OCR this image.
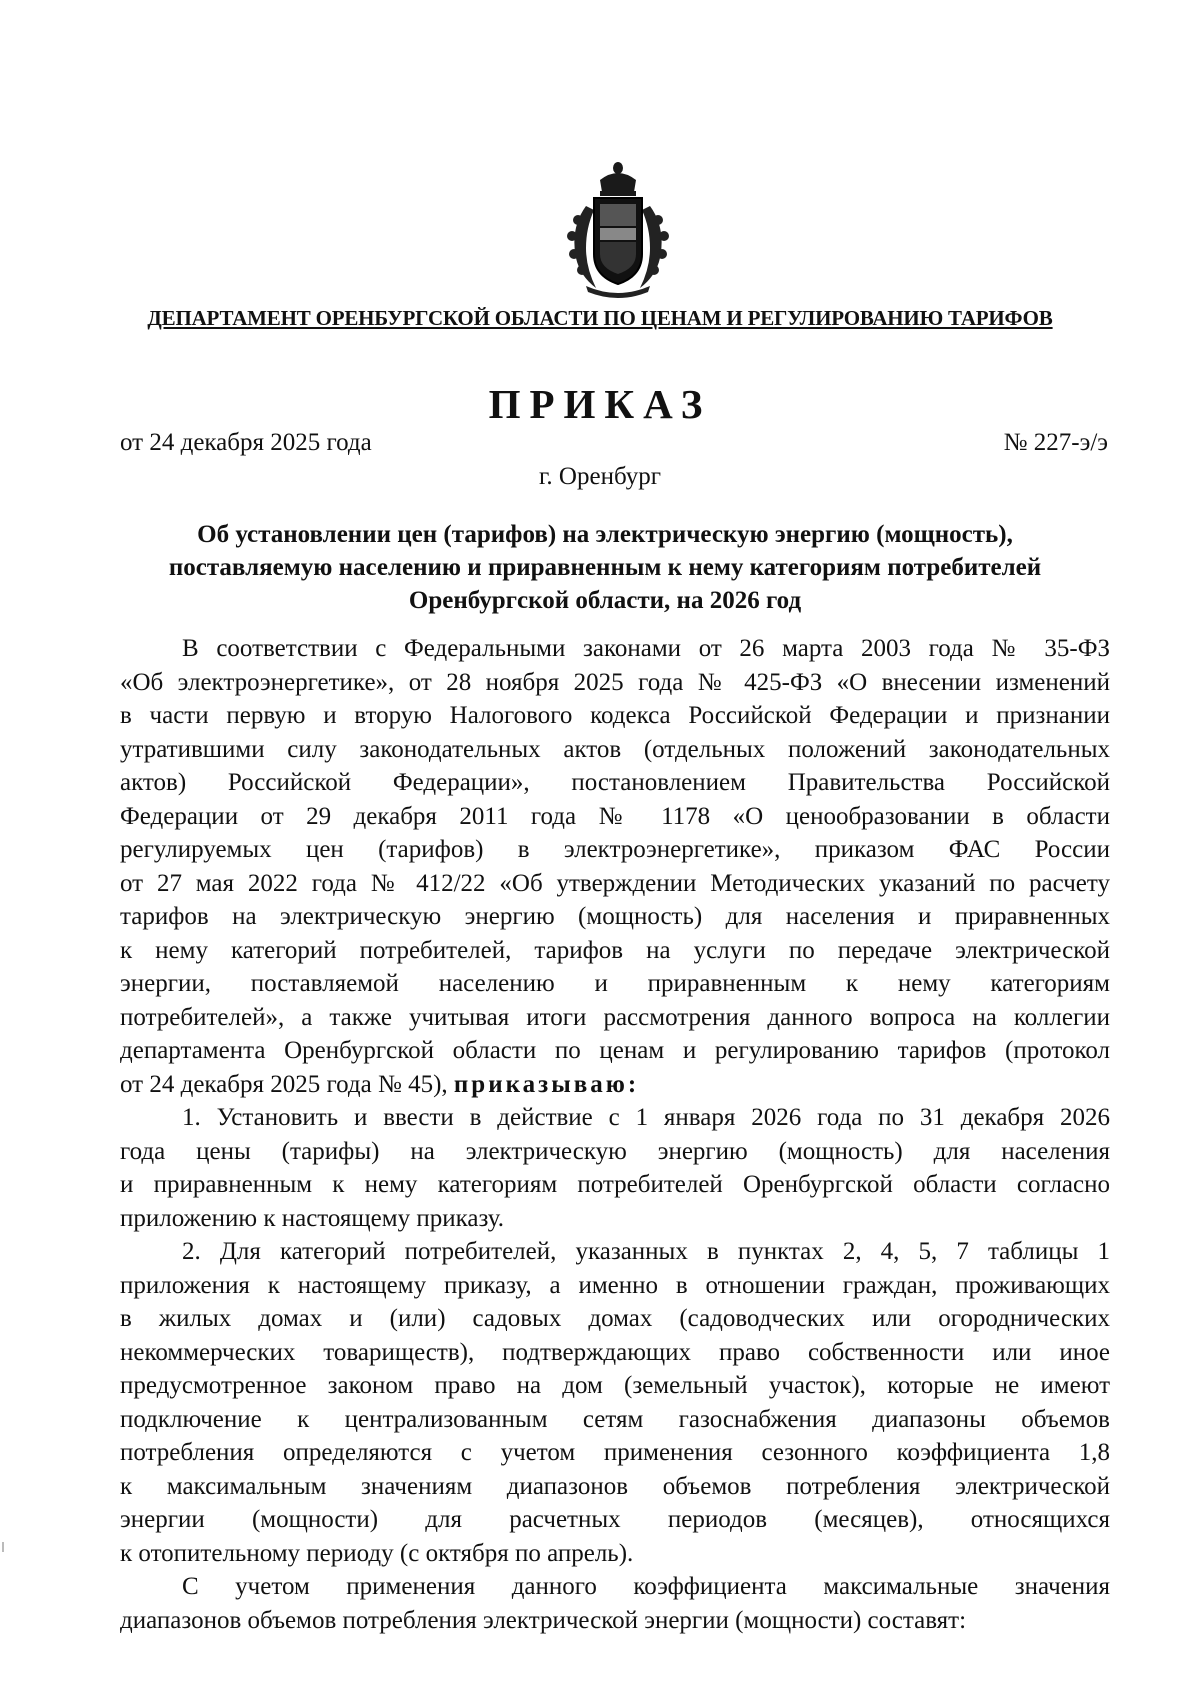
ДЕПАРТАМЕНТ ОРЕНБУРГСКОЙ ОБЛАСТИ ПО ЦЕНАМ И РЕГУЛИРОВАНИЮ ТАРИФОВ
ПРИКАЗ
от 24 декабря 2025 года	№ 227-э/э
г. Оренбург
Об установлении цен (тарифов) на электрическую энергию (мощность),
поставляемую населению и приравненным к нему категориям потребителей
Оренбургской области, на 2026 год
В соответствии с Федеральными законами от 26 марта 2003 года № 35-ФЗ
«Об электроэнергетике», от 28 ноября 2025 года № 425-ФЗ «О внесении изменений
в части первую и вторую Налогового кодекса Российской Федерации и признании
утратившими силу законодательных актов (отдельных положений законодательных
актов) Российской Федерации», постановлением Правительства Российской
Федерации от 29 декабря 2011 года № 1178 «О ценообразовании в области
регулируемых цен (тарифов) в электроэнергетике», приказом ФАС России
от 27 мая 2022 года № 412/22 «Об утверждении Методических указаний по расчету
тарифов на электрическую энергию (мощность) для населения и приравненных
к нему категорий потребителей, тарифов на услуги по передаче электрической
энергии, поставляемой населению и приравненным к нему категориям
потребителей», а также учитывая итоги рассмотрения данного вопроса на коллегии
департамента Оренбургской области по ценам и регулированию тарифов (протокол
от 24 декабря 2025 года № 45), приказываю:
1. Установить и ввести в действие с 1 января 2026 года по 31 декабря 2026
года цены (тарифы) на электрическую энергию (мощность) для населения
и приравненным к нему категориям потребителей Оренбургской области согласно
приложению к настоящему приказу.
2. Для категорий потребителей, указанных в пунктах 2, 4, 5, 7 таблицы 1
приложения к настоящему приказу, а именно в отношении граждан, проживающих
в жилых домах и (или) садовых домах (садоводческих или огороднических
некоммерческих товариществ), подтверждающих право собственности или иное
предусмотренное законом право на дом (земельный участок), которые не имеют
подключение к централизованным сетям газоснабжения диапазоны объемов
потребления определяются с учетом применения сезонного коэффициента 1,8
к максимальным значениям диапазонов объемов потребления электрической
энергии (мощности) для расчетных периодов (месяцев), относящихся
к отопительному периоду (с октября по апрель).
С учетом применения данного коэффициента максимальные значения
диапазонов объемов потребления электрической энергии (мощности) составят:
